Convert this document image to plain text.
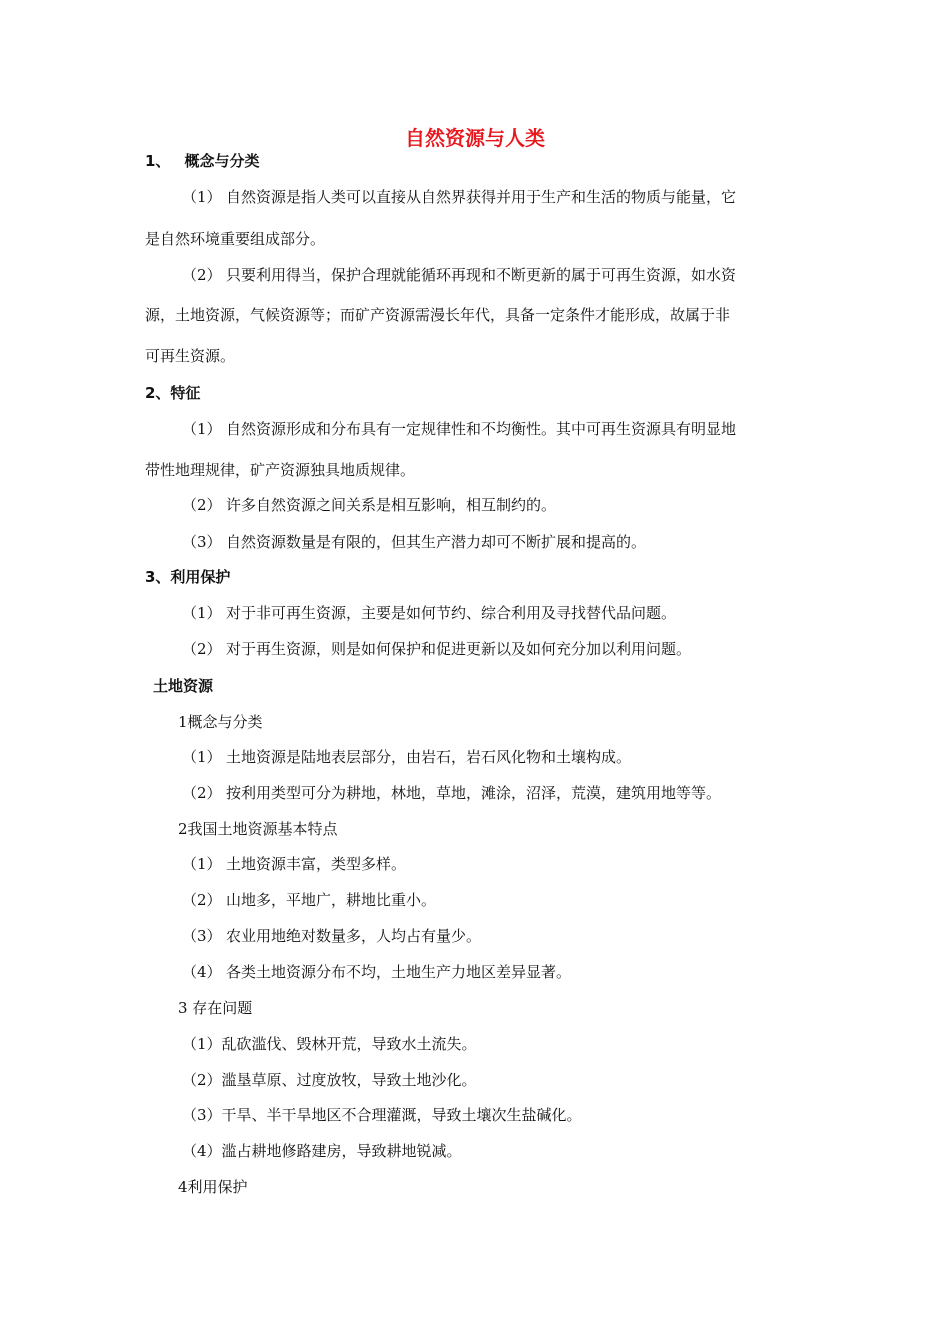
自然资源与人类
1、 概念与分类
（1） 自然资源是指人类可以直接从自然界获得并用于生产和生活的物质与能量，它
是自然环境重要组成部分。
（2） 只要利用得当，保护合理就能循环再现和不断更新的属于可再生资源，如水资
源，土地资源，气候资源等；而矿产资源需漫长年代，具备一定条件才能形成，故属于非
可再生资源。
2、特征
（1） 自然资源形成和分布具有一定规律性和不均衡性。其中可再生资源具有明显地
带性地理规律，矿产资源独具地质规律。
（2） 许多自然资源之间关系是相互影响，相互制约的。
（3） 自然资源数量是有限的，但其生产潜力却可不断扩展和提高的。
3、利用保护
（1） 对于非可再生资源，主要是如何节约、综合利用及寻找替代品问题。
（2） 对于再生资源，则是如何保护和促进更新以及如何充分加以利用问题。
土地资源
1概念与分类
（1） 土地资源是陆地表层部分，由岩石，岩石风化物和土壤构成。
（2） 按利用类型可分为耕地，林地，草地，滩涂，沼泽，荒漠，建筑用地等等。
2我国土地资源基本特点
（1） 土地资源丰富，类型多样。
（2） 山地多，平地广，耕地比重小。
（3） 农业用地绝对数量多，人均占有量少。
（4） 各类土地资源分布不均，土地生产力地区差异显著。
3 存在问题
（1）乱砍滥伐、毁林开荒，导致水土流失。
（2）滥垦草原、过度放牧，导致土地沙化。
（3）干旱、半干旱地区不合理灌溉，导致土壤次生盐碱化。
（4）滥占耕地修路建房，导致耕地锐减。
4利用保护
